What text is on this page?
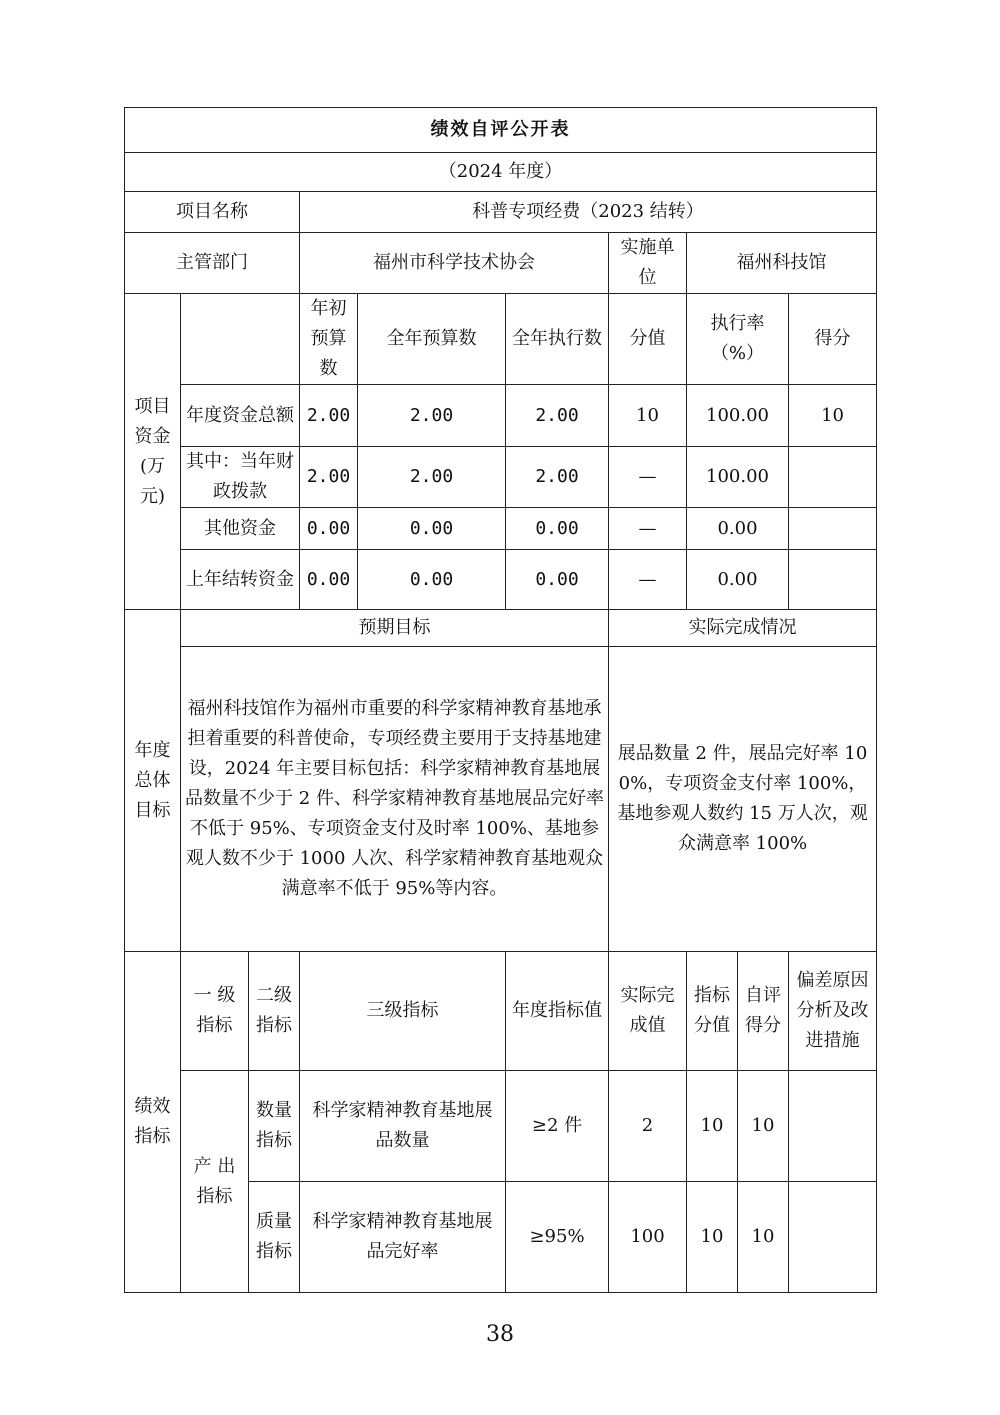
绩效自评公开表									
（2024 年度）									
项目名称			科普专项经费（2023 结转）						
主管部门			福州市科学技术协会			实施单位	福州科技馆		
项目资金(万元)			年初预算数	全年预算数	全年执行数	分值	执行率（%）		得分
	年度资金总额		2.00	2.00	2.00	10	100.00		10
	其中：当年财政拨款		2.00	2.00	2.00	—	100.00		
	其他资金		0.00	0.00	0.00	—	0.00		
	上年结转资金		0.00	0.00	0.00	—	0.00		
年度总体目标	预期目标					实际完成情况			
	福州科技馆作为福州市重要的科学家精神教育基地承担着重要的科普使命，专项经费主要用于支持基地建设，2024 年主要目标包括：科学家精神教育基地展品数量不少于 2 件、科学家精神教育基地展品完好率不低于 95%、专项资金支付及时率 100%、基地参观人数不少于 1000 人次、科学家精神教育基地观众满意率不低于 95%等内容。					展品数量 2 件，展品完好率 100%，专项资金支付率 100%，基地参观人数约 15 万人次，观众满意率 100%			
绩效指标	一 级指标	二级指标	三级指标		年度指标值	实际完成值	指标分值	自评得分	偏差原因分析及改进措施
	产 出指标	数量指标	科学家精神教育基地展品数量		≥2 件	2	10	10	
		质量指标	科学家精神教育基地展品完好率		≥95%	100	10	10	
38
